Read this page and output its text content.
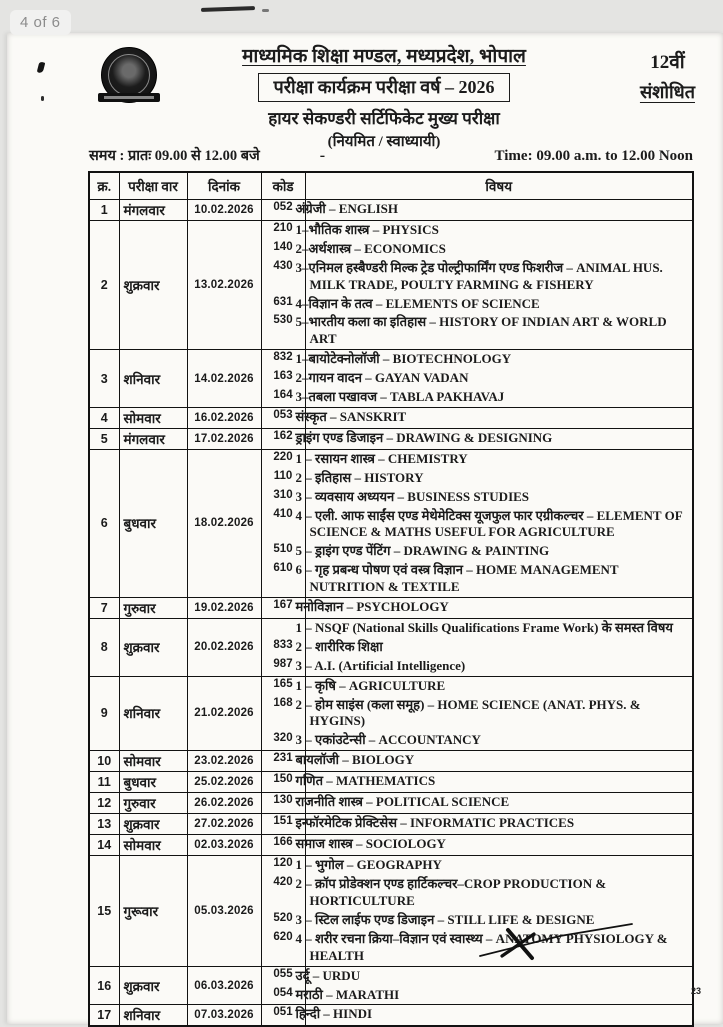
4 of 6
माध्यमिक शिक्षा मण्डल, मध्यप्रदेश, भोपाल
परीक्षा कार्यक्रम परीक्षा वर्ष – 2026
हायर सेकण्डरी सर्टिफिकेट मुख्य परीक्षा
(नियमित / स्वाध्यायी)
12वीं
संशोधित
समय : प्रातः 09.00 से 12.00 बजे	-	Time: 09.00 a.m. to 12.00 Noon
क्र.	परीक्षा वार	दिनांक	कोड	विषय
1	मंगलवार	10.02.2026	052	अंग्रेजी – ENGLISH
2	शुक्रवार	13.02.2026	210	1–भौतिक शास्त्र – PHYSICS
			140	2–अर्थशास्त्र – ECONOMICS
			430	3–एनिमल हस्बैण्डरी मिल्क ट्रेड पोल्ट्रीफार्मिंग एण्ड फिशरीज – ANIMAL HUS. MILK TRADE, POULTY FARMING & FISHERY
			631	4–विज्ञान के तत्व – ELEMENTS OF SCIENCE
			530	5–भारतीय कला का इतिहास – HISTORY OF INDIAN ART & WORLD ART
3	शनिवार	14.02.2026	832	1–बायोटेक्नोलॉजी – BIOTECHNOLOGY
			163	2–गायन वादन – GAYAN VADAN
			164	3–तबला पखावज – TABLA PAKHAVAJ
4	सोमवार	16.02.2026	053	संस्कृत – SANSKRIT
5	मंगलवार	17.02.2026	162	ड्राइंग एण्ड डिजाइन – DRAWING & DESIGNING
6	बुधवार	18.02.2026	220	1 – रसायन शास्त्र – CHEMISTRY
			110	2 – इतिहास – HISTORY
			310	3 – व्यवसाय अध्ययन – BUSINESS STUDIES
			410	4 – एली. आफ साईंस एण्ड मेथेमेटिक्स यूजफुल फार एग्रीकल्चर – ELEMENT OF SCIENCE & MATHS USEFUL FOR AGRICULTURE
			510	5 – ड्राइंग एण्ड पेंटिंग – DRAWING & PAINTING
			610	6 – गृह प्रबन्ध पोषण एवं वस्त्र विज्ञान – HOME MANAGEMENT NUTRITION & TEXTILE
7	गुरुवार	19.02.2026	167	मनोविज्ञान – PSYCHOLOGY
8	शुक्रवार	20.02.2026		1 – NSQF (National Skills Qualifications Frame Work) के समस्त विषय
			833	2 – शारीरिक शिक्षा
			987	3 – A.I. (Artificial Intelligence)
9	शनिवार	21.02.2026	165	1 – कृषि – AGRICULTURE
			168	2 – होम साइंस (कला समूह) – HOME SCIENCE (ANAT. PHYS. & HYGINS)
			320	3 – एकांउटेन्सी – ACCOUNTANCY
10	सोमवार	23.02.2026	231	बायलॉजी – BIOLOGY
11	बुधवार	25.02.2026	150	गणित – MATHEMATICS
12	गुरुवार	26.02.2026	130	राजनीति शास्त्र – POLITICAL SCIENCE
13	शुक्रवार	27.02.2026	151	इन्फॉरमेटिक प्रेक्टिसेस – INFORMATIC PRACTICES
14	सोमवार	02.03.2026	166	समाज शास्त्र – SOCIOLOGY
15	गुरूवार	05.03.2026	120	1 – भुगोल – GEOGRAPHY
			420	2 – क्रॉप प्रोडेक्शन एण्ड हार्टिकल्चर–CROP PRODUCTION & HORTICULTURE
			520	3 – स्टिल लाईफ एण्ड डिजाइन – STILL LIFE & DESIGNE
			620	4 – शरीर रचना क्रिया–विज्ञान एवं स्वास्थ्य – ANATOMY PHYSIOLOGY & HEALTH
16	शुक्रवार	06.03.2026	055	उर्दू – URDU
			054	मराठी – MARATHI
17	शनिवार	07.03.2026	051	हिन्दी – HINDI
23
